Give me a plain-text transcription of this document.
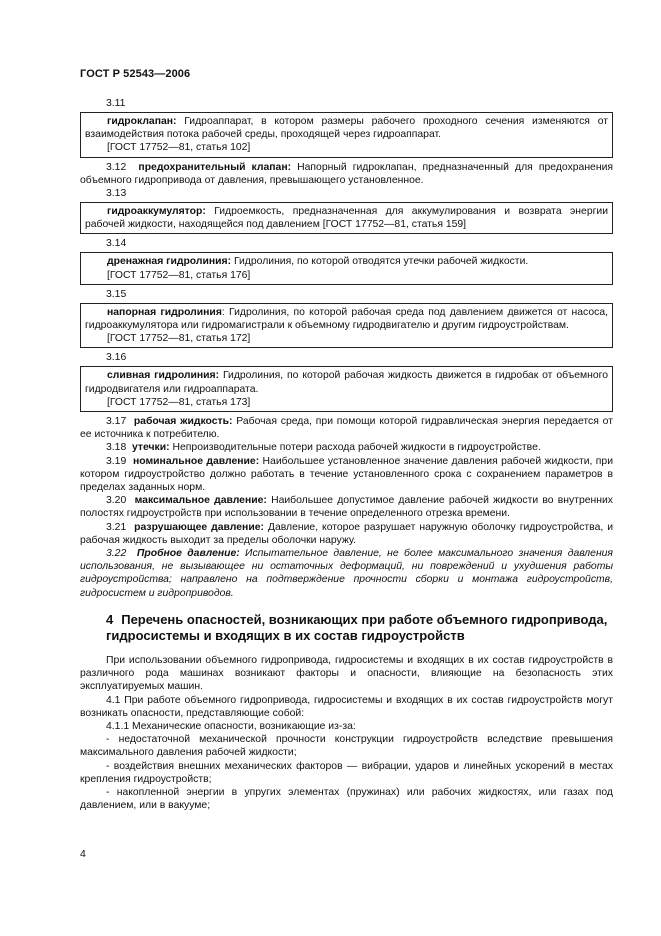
ГОСТ Р 52543—2006
3.11

гидроклапан: Гидроаппарат, в котором размеры рабочего проходного сечения изменяются от взаимодействия потока рабочей среды, проходящей через гидроаппарат.

[ГОСТ 17752—81, статья 102]

3.12 предохранительный клапан: Напорный гидроклапан, предназначенный для предохранения объемного гидропривода от давления, превышающего установленное.

3.13

гидроаккумулятор: Гидроемкость, предназначенная для аккумулирования и возврата энергии рабочей жидкости, находящейся под давлением [ГОСТ 17752—81, статья 159]

3.14

дренажная гидролиния: Гидролиния, по которой отводятся утечки рабочей жидкости.

[ГОСТ 17752—81, статья 176]
3.15

напорная гидролиния: Гидролиния, по которой рабочая среда под давлением движется от насоса, гидроаккумулятора или гидромагистрали к объемному гидродвигателю и другим гидроустройствам.

[ГОСТ 17752—81, статья 172]
3.16

сливная гидролиния: Гидролиния, по которой рабочая жидкость движется в гидробак от объемного гидродвигателя или гидроаппарата.

[ГОСТ 17752—81, статья 173]

3.17 рабочая жидкость: Рабочая среда, при помощи которой гидравлическая энергия передается от ее источника к потребителю.

3.18 утечки: Непроизводительные потери расхода рабочей жидкости в гидроустройстве.

3.19 номинальное давление: Наибольшее установленное значение давления рабочей жидкости, при котором гидроустройство должно работать в течение установленного срока с сохранением параметров в пределах заданных норм.

3.20 максимальное давление: Наибольшее допустимое давление рабочей жидкости во внутренних полостях гидроустройств при использовании в течение определенного отрезка времени.

3.21 разрушающее давление: Давление, которое разрушает наружную оболочку гидроустройства, и рабочая жидкость выходит за пределы оболочки наружу.

3.22 Пробное давление: Испытательное давление, не более максимального значения давления использования, не вызывающее ни остаточных деформаций, ни повреждений и ухудшения работы гидроустройства; направлено на подтверждение прочности сборки и монтажа гидроустройств, гидросистем и гидроприводов.

4 Перечень опасностей, возникающих при работе объемного гидропривода, гидросистемы и входящих в их состав гидроустройств

При использовании объемного гидропривода, гидросистемы и входящих в их состав гидроустройств в различного рода машинах возникают факторы и опасности, влияющие на безопасность этих эксплуатируемых машин.

4.1 При работе объемного гидропривода, гидросистемы и входящих в их состав гидроустройств могут возникать опасности, представляющие собой:

4.1.1 Механические опасности, возникающие из-за:

- недостаточной механической прочности конструкции гидроустройств вследствие превышения максимального давления рабочей жидкости;

- воздействия внешних механических факторов — вибрации, ударов и линейных ускорений в местах крепления гидроустройств;

- накопленной энергии в упругих элементах (пружинах) или рабочих жидкостях, или газах под давлением, или в вакууме;

4
